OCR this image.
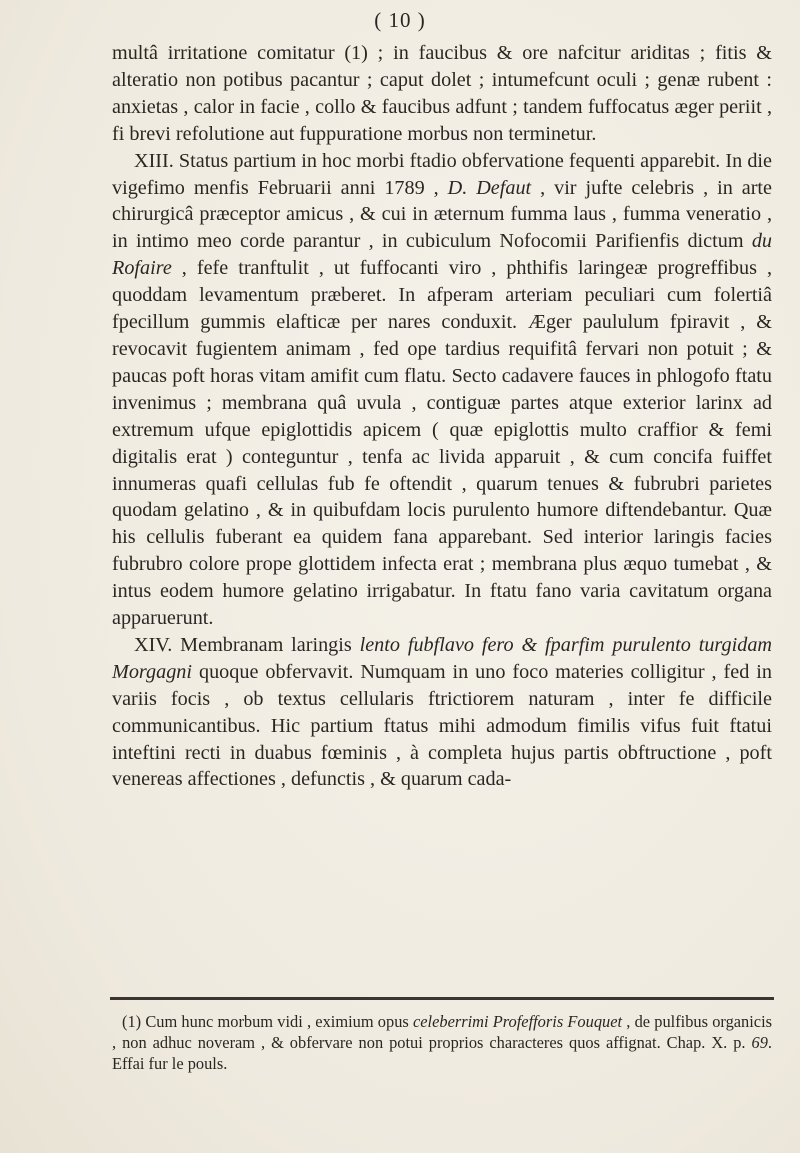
( 10 )

multâ irritatione comitatur (1) ; in faucibus & ore nafcitur ariditas ; fitis & alteratio non potibus pacantur ; caput dolet ; intumefcunt oculi ; genæ rubent : anxietas , calor in facie , collo & faucibus adfunt ; tandem fuffocatus æger periit , fi brevi refolutione aut fuppuratione morbus non terminetur.

XIII. Status partium in hoc morbi ftadio obfervatione fequenti apparebit. In die vigefimo menfis Februarii anni 1789 , D. Defaut , vir jufte celebris , in arte chirurgicâ præceptor amicus , & cui in æternum fumma laus , fumma veneratio , in intimo meo corde parantur , in cubiculum Nofocomii Parifienfis dictum du Rofaire , fefe tranftulit , ut fuffocanti viro , phthifis laringeæ progreffibus , quoddam levamentum præberet. In afperam arteriam peculiari cum folertiâ fpecillum gummis elafticæ per nares conduxit. Æger paululum fpiravit , & revocavit fugientem animam , fed ope tardius requifitâ fervari non potuit ; & paucas poft horas vitam amifit cum flatu. Secto cadavere fauces in phlogofo ftatu invenimus ; membrana quâ uvula , contiguæ partes atque exterior larinx ad extremum ufque epiglottidis apicem ( quæ epiglottis multo craffior & femi digitalis erat ) conteguntur , tenfa ac livida apparuit , & cum concifa fuiffet innumeras quafi cellulas fub fe oftendit , quarum tenues & fubrubri parietes quodam gelatino , & in quibufdam locis purulento humore diftendebantur. Quæ his cellulis fuberant ea quidem fana apparebant. Sed interior laringis facies fubrubro colore prope glottidem infecta erat ; membrana plus æquo tumebat , & intus eodem humore gelatino irrigabatur. In ftatu fano varia cavitatum organa apparuerunt.

XIV. Membranam laringis lento fubflavo fero & fparfim purulento turgidam Morgagni quoque obfervavit. Numquam in uno foco materies colligitur , fed in variis focis , ob textus cellularis ftrictiorem naturam , inter fe difficile communicantibus. Hic partium ftatus mihi admodum fimilis vifus fuit ftatui inteftini recti in duabus fœminis , à completa hujus partis obftructione , poft venereas affectiones , defunctis , & quarum cada-

(1) Cum hunc morbum vidi , eximium opus celeberrimi Profefforis Fouquet , de pulfibus organicis , non adhuc noveram , & obfervare non potui proprios characteres quos affignat. Chap. X. p. 69. Effai fur le pouls.
